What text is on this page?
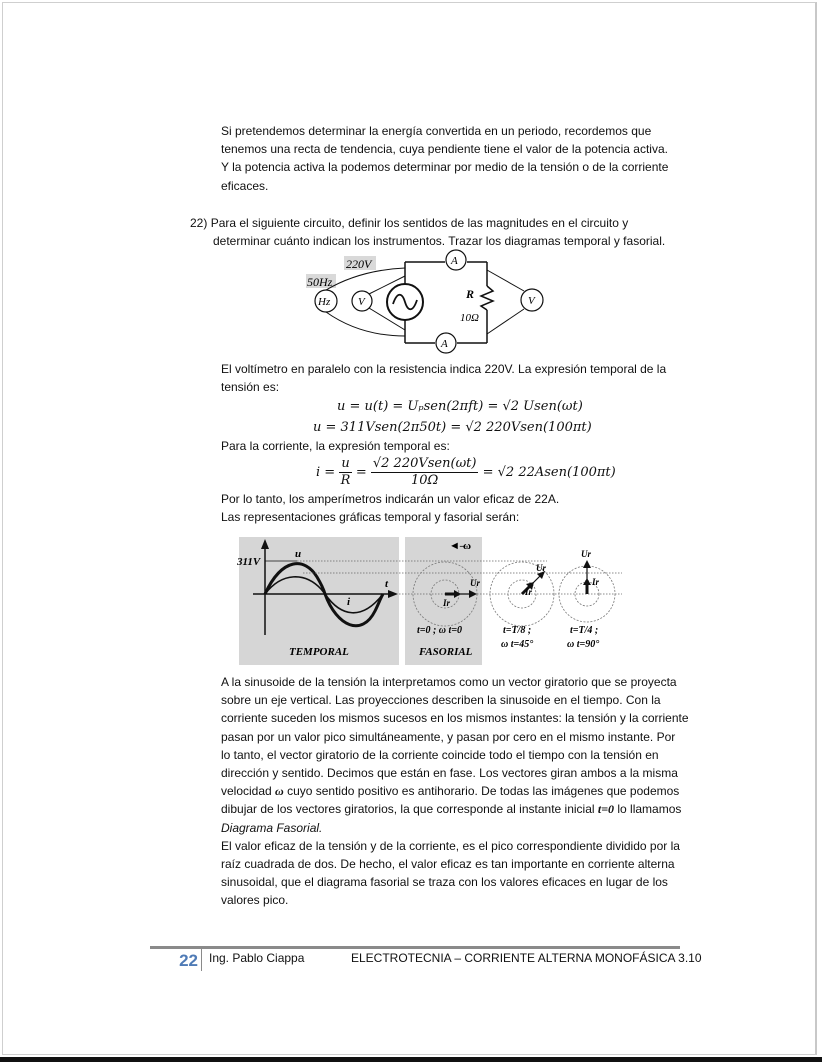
Si pretendemos determinar la energía convertida en un periodo, recordemos que
tenemos una recta de tendencia, cuya pendiente tiene el valor de la potencia activa.
Y la potencia activa la podemos determinar por medio de la tensión o de la corriente
eficaces.
22) Para el siguiente circuito, definir los sentidos de las magnitudes en el circuito y
determinar cuánto indican los instrumentos. Trazar los diagramas temporal y fasorial.
220V
50Hz
A
A
Hz	V
R
10Ω
V
El voltímetro en paralelo con la resistencia indica 220V. La expresión temporal de la
tensión es:
u = u(t) = Uₚsen(2πft) = √2 Usen(ωt)
u = 311Vsen(2π50t) = √2 220Vsen(100πt)
Para la corriente, la expresión temporal es:
$i = \frac{u}{R} = \frac{\text{√2 220Vsen(ωt)}}{10\Omega} = √2$ 22Asen(100πt)
Por lo tanto, los amperímetros indicarán un valor eficaz de 22A.
Las representaciones gráficas temporal y fasorial serán:
311V
u
t
i
TEMPORAL
◄–
ω
Ur
Ir
t=0 ; ω t=0
FASORIAL
Ur
Ir
t=T/8 ;
ω t=45°
Ur
Ir
t=T/4 ;
ω t=90°
A la sinusoide de la tensión la interpretamos como un vector giratorio que se proyecta
sobre un eje vertical. Las proyecciones describen la sinusoide en el tiempo. Con la
corriente suceden los mismos sucesos en los mismos instantes: la tensión y la corriente
pasan por un valor pico simultáneamente, y pasan por cero en el mismo instante. Por
lo tanto, el vector giratorio de la corriente coincide todo el tiempo con la tensión en
dirección y sentido. Decimos que están en fase. Los vectores giran ambos a la misma
velocidad ω cuyo sentido positivo es antihorario. De todas las imágenes que podemos
dibujar de los vectores giratorios, la que corresponde al instante inicial t=0 lo llamamos
Diagrama Fasorial.
El valor eficaz de la tensión y de la corriente, es el pico correspondiente dividido por la
raíz cuadrada de dos. De hecho, el valor eficaz es tan importante en corriente alterna
sinusoidal, que el diagrama fasorial se traza con los valores eficaces en lugar de los
valores pico.
22 Ing. Pablo Ciappa	ELECTROTECNIA – CORRIENTE ALTERNA MONOFÁSICA 3.10
